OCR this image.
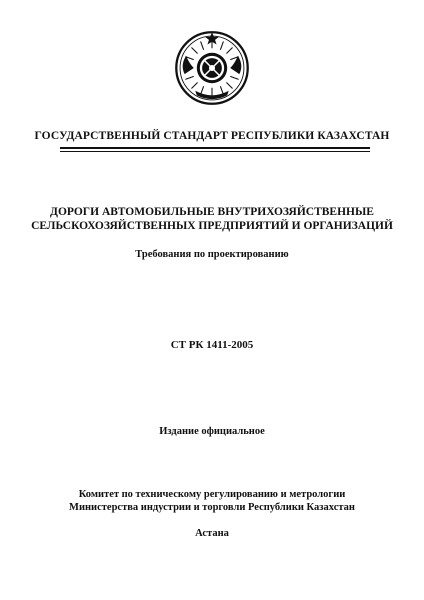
ГОСУДАРСТВЕННЫЙ СТАНДАРТ РЕСПУБЛИКИ КАЗАХСТАН
ДОРОГИ АВТОМОБИЛЬНЫЕ ВНУТРИХОЗЯЙСТВЕННЫЕ
СЕЛЬСКОХОЗЯЙСТВЕННЫХ ПРЕДПРИЯТИЙ И ОРГАНИЗАЦИЙ
Требования по проектированию
СТ РК 1411-2005
Издание официальное
Комитет по техническому регулированию и метрологии
Министерства индустрии и торговли Республики Казахстан
Астана
